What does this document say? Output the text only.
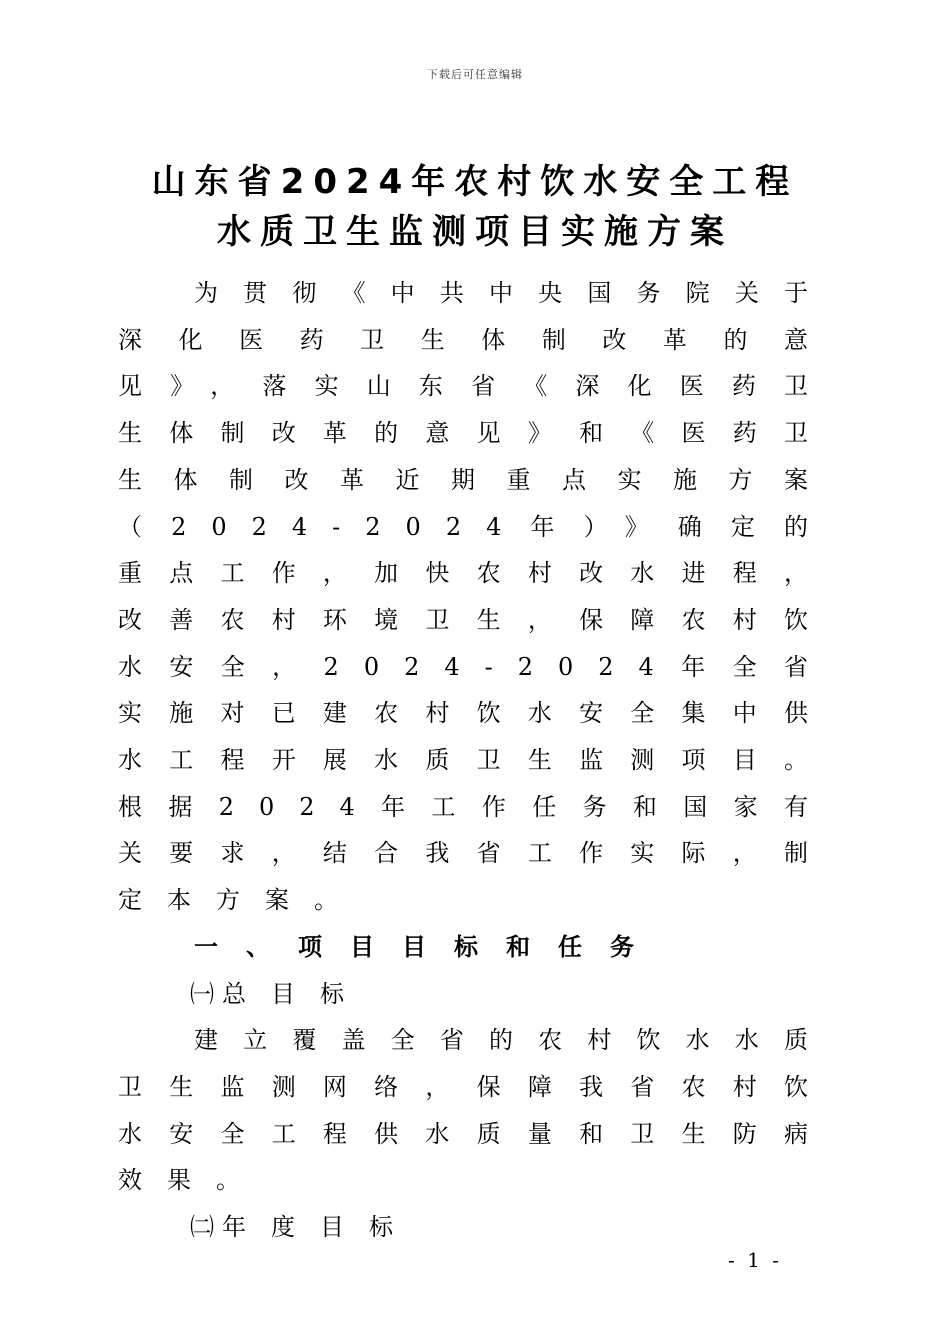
下载后可任意编辑
山东省2024年农村饮水安全工程
水质卫生监测项目实施方案

为贯彻《中共中央国务院关于深化医药卫生体制改革的意见》，落实山东省《深化医药卫生体制改革的意见》和《医药卫生体制改革近期重点实施方案（2024-2024年）》确定的重点工作，加快农村改水进程，改善农村环境卫生，保障农村饮水安全，2024-2024年全省实施对已建农村饮水安全集中供水工程开展水质卫生监测项目。根据2024年工作任务和国家有关要求，结合我省工作实际，制定本方案。

一、项目目标和任务
㈠总目标

建立覆盖全省的农村饮水水质卫生监测网络，保障我省农村饮水安全工程供水质量和卫生防病效果。

㈡年度目标
- 1 -
